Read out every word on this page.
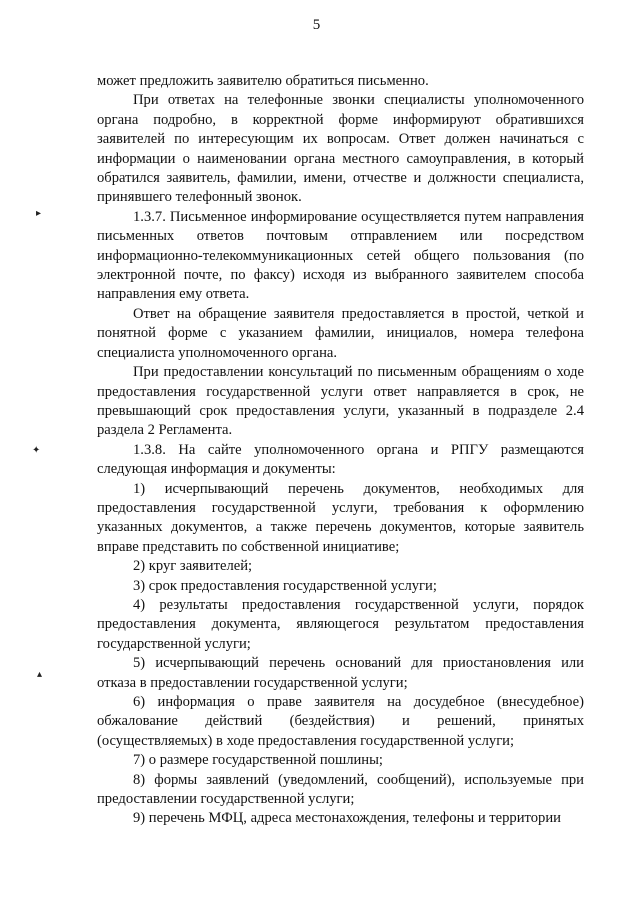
5
▸
✦
▴

может предложить заявителю обратиться письменно.

При ответах на телефонные звонки специалисты уполномоченного органа подробно, в корректной форме информируют обратившихся заявителей по интересующим их вопросам. Ответ должен начинаться с информации о наименовании органа местного самоуправления, в который обратился заявитель, фамилии, имени, отчестве и должности специалиста, принявшего телефонный звонок.

1.3.7. Письменное информирование осуществляется путем направления письменных ответов почтовым отправлением или посредством информационно-телекоммуникационных сетей общего пользования (по электронной почте, по факсу) исходя из выбранного заявителем способа направления ему ответа.

Ответ на обращение заявителя предоставляется в простой, четкой и понятной форме с указанием фамилии, инициалов, номера телефона специалиста уполномоченного органа.

При предоставлении консультаций по письменным обращениям о ходе предоставления государственной услуги ответ направляется в срок, не превышающий срок предоставления услуги, указанный в подразделе 2.4 раздела 2 Регламента.

1.3.8. На сайте уполномоченного органа и РПГУ размещаются следующая информация и документы:

1) исчерпывающий перечень документов, необходимых для предоставления государственной услуги, требования к оформлению указанных документов, а также перечень документов, которые заявитель вправе представить по собственной инициативе;

2) круг заявителей;

3) срок предоставления государственной услуги;

4) результаты предоставления государственной услуги, порядок предоставления документа, являющегося результатом предоставления государственной услуги;

5) исчерпывающий перечень оснований для приостановления или отказа в предоставлении государственной услуги;

6) информация о праве заявителя на досудебное (внесудебное) обжалование действий (бездействия) и решений, принятых (осуществляемых) в ходе предоставления государственной услуги;

7) о размере государственной пошлины;

8) формы заявлений (уведомлений, сообщений), используемые при предоставлении государственной услуги;

9) перечень МФЦ, адреса местонахождения, телефоны и территории
